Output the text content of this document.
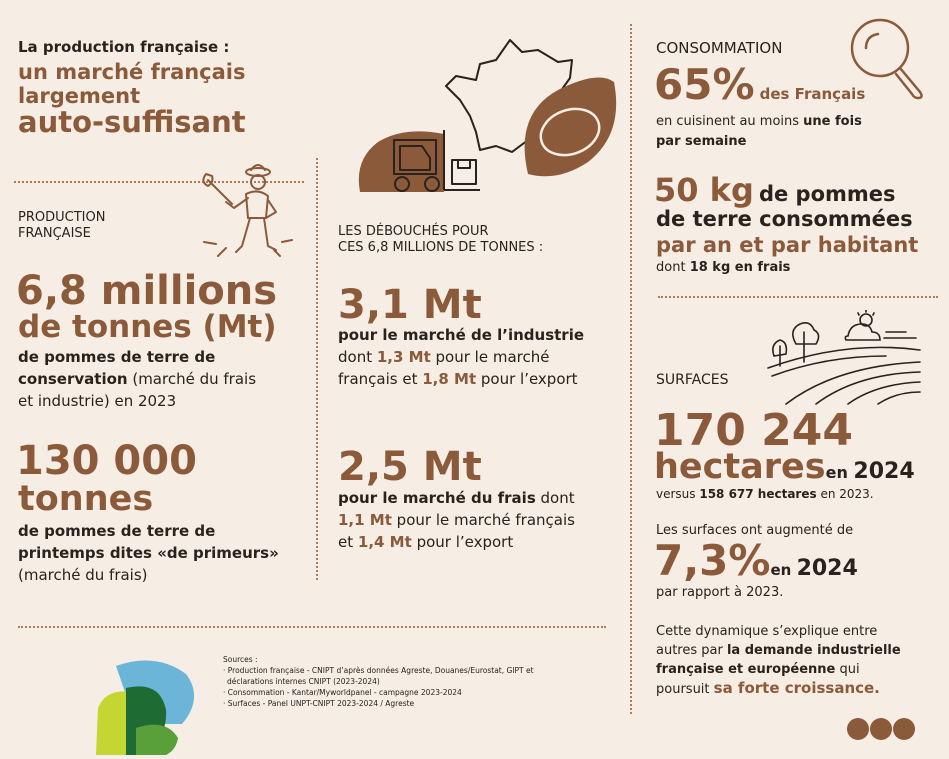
La production française :
un marché français largement
auto-suffisant
PRODUCTION
FRANÇAISE
6,8 millions
de tonnes (Mt)
de pommes de terre de
conservation (marché du frais
et industrie) en 2023
130 000
tonnes
de pommes de terre de
printemps dites «de primeurs»
(marché du frais)
LES DÉBOUCHÉS POUR
CES 6,8 MILLIONS DE TONNES :
3,1 Mt
pour le marché de l’industrie
dont 1,3 Mt pour le marché
français et 1,8 Mt pour l’export
2,5 Mt
pour le marché du frais dont
1,1 Mt pour le marché français
et 1,4 Mt pour l’export
CONSOMMATION
65% des Français
en cuisinent au moins une fois
par semaine
50 kg de pommes
de terre consommées
par an et par habitant
dont 18 kg en frais
SURFACES
170 244
hectaresen 2024
versus 158 677 hectares en 2023.
Les surfaces ont augmenté de
7,3%en 2024
par rapport à 2023.
Cette dynamique s’explique entre
autres par la demande industrielle
française et européenne qui
poursuit sa forte croissance.
Sources :
· Production française - CNIPT d’après données Agreste, Douanes/Eurostat, GIPT et
déclarations internes CNIPT (2023-2024)
· Consommation - Kantar/Myworldpanel - campagne 2023-2024
· Surfaces - Panel UNPT-CNIPT 2023-2024 / Agreste
